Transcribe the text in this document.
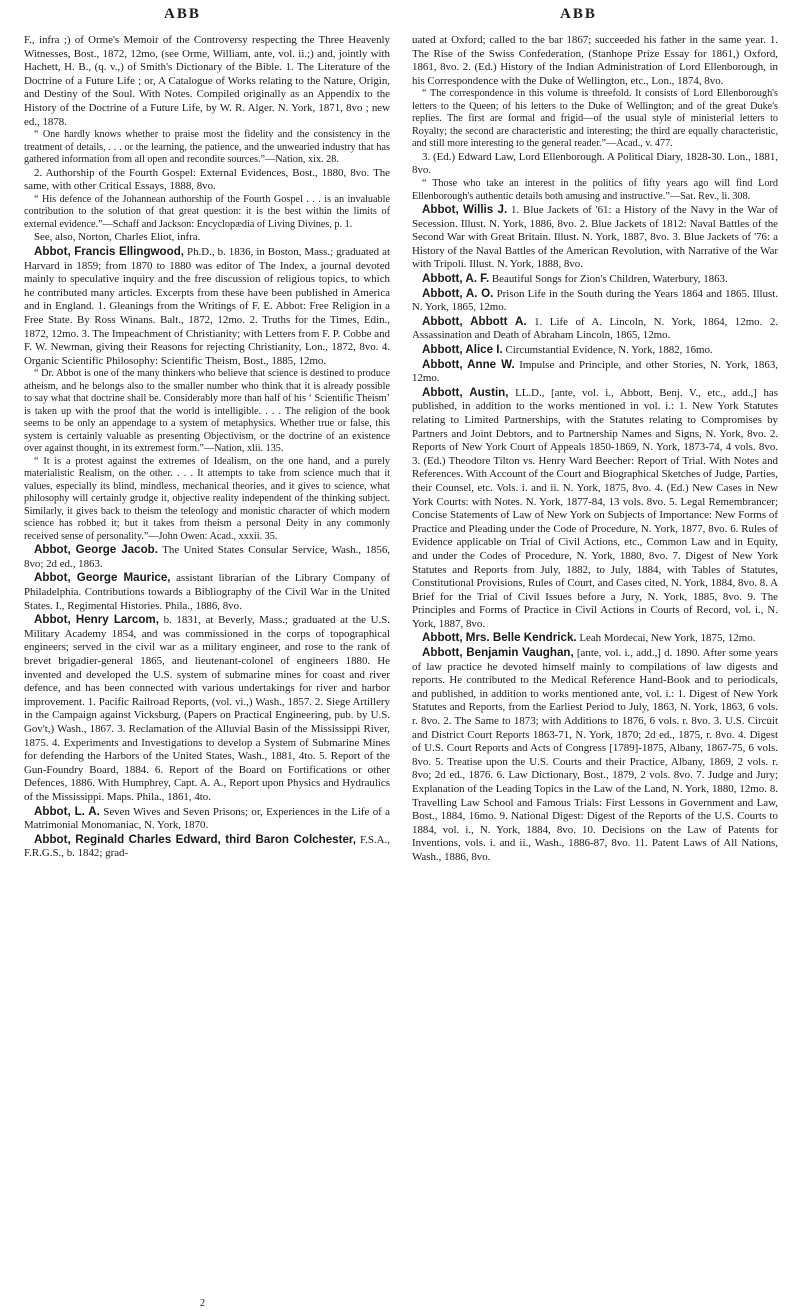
ABB	ABB

F., infra ;) of Orme's Memoir of the Controversy respecting the Three Heavenly Witnesses, Bost., 1872, 12mo, (see Orme, William, ante, vol. ii.;) and, jointly with Hachett, H. B., (q. v.,) of Smith's Dictionary of the Bible. 1. The Literature of the Doctrine of a Future Life ; or, A Catalogue of Works relating to the Nature, Origin, and Destiny of the Soul. With Notes. Compiled originally as an Appendix to the History of the Doctrine of a Future Life, by W. R. Alger. N. York, 1871, 8vo ; new ed., 1878.

“ One hardly knows whether to praise most the fidelity and the consistency in the treatment of details, . . . or the learning, the patience, and the unwearied industry that has gathered information from all open and recondite sources.”—Nation, xix. 28.

2. Authorship of the Fourth Gospel: External Evidences, Bost., 1880, 8vo. The same, with other Critical Essays, 1888, 8vo.

“ His defence of the Johannean authorship of the Fourth Gospel . . . is an invaluable contribution to the solution of that great question: it is the best within the limits of external evidence.”—Schaff and Jackson: Encyclopædia of Living Divines, p. 1.

See, also, Norton, Charles Eliot, infra.

Abbot, Francis Ellingwood, Ph.D., b. 1836, in Boston, Mass.; graduated at Harvard in 1859; from 1870 to 1880 was editor of The Index, a journal devoted mainly to speculative inquiry and the free discussion of religious topics, to which he contributed many articles. Excerpts from these have been published in America and in England. 1. Gleanings from the Writings of F. E. Abbot: Free Religion in a Free State. By Ross Winans. Balt., 1872, 12mo. 2. Truths for the Times, Edin., 1872, 12mo. 3. The Impeachment of Christianity; with Letters from F. P. Cobbe and F. W. Newman, giving their Reasons for rejecting Christianity, Lon., 1872, 8vo. 4. Organic Scientific Philosophy: Scientific Theism, Bost., 1885, 12mo.

“ Dr. Abbot is one of the many thinkers who believe that science is destined to produce atheism, and he belongs also to the smaller number who think that it is already possible to say what that doctrine shall be. Considerably more than half of his ‘ Scientific Theism’ is taken up with the proof that the world is intelligible. . . . The religion of the book seems to be only an appendage to a system of metaphysics. Whether true or false, this system is certainly valuable as presenting Objectivism, or the doctrine of an existence over against thought, in its extremest form.”—Nation, xlii. 135.

“ It is a protest against the extremes of Idealism, on the one hand, and a purely materialistic Realism, on the other. . . . It attempts to take from science much that it values, especially its blind, mindless, mechanical theories, and it gives to science, what philosophy will certainly grudge it, objective reality independent of the thinking subject. Similarly, it gives back to theism the teleology and monistic character of which modern science has robbed it; but it takes from theism a personal Deity in any commonly received sense of personality.”—John Owen: Acad., xxxii. 35.

Abbot, George Jacob. The United States Consular Service, Wash., 1856, 8vo; 2d ed., 1863.

Abbot, George Maurice, assistant librarian of the Library Company of Philadelphia. Contributions towards a Bibliography of the Civil War in the United States. I., Regimental Histories. Phila., 1886, 8vo.

Abbot, Henry Larcom, b. 1831, at Beverly, Mass.; graduated at the U.S. Military Academy 1854, and was commissioned in the corps of topographical engineers; served in the civil war as a military engineer, and rose to the rank of brevet brigadier-general 1865, and lieutenant-colonel of engineers 1880. He invented and developed the U.S. system of submarine mines for coast and river defence, and has been connected with various undertakings for river and harbor improvement. 1. Pacific Railroad Reports, (vol. vi.,) Wash., 1857. 2. Siege Artillery in the Campaign against Vicksburg, (Papers on Practical Engineering, pub. by U.S. Gov't,) Wash., 1867. 3. Reclamation of the Alluvial Basin of the Mississippi River, 1875. 4. Experiments and Investigations to develop a System of Submarine Mines for defending the Harbors of the United States, Wash., 1881, 4to. 5. Report of the Gun-Foundry Board, 1884. 6. Report of the Board on Fortifications or other Defences, 1886. With Humphrey, Capt. A. A., Report upon Physics and Hydraulics of the Mississippi. Maps. Phila., 1861, 4to.

Abbot, L. A. Seven Wives and Seven Prisons; or, Experiences in the Life of a Matrimonial Monomaniac, N. York, 1870.

Abbot, Reginald Charles Edward, third Baron Colchester, F.S.A., F.R.G.S., b. 1842; grad-

uated at Oxford; called to the bar 1867; succeeded his father in the same year. 1. The Rise of the Swiss Confederation, (Stanhope Prize Essay for 1861,) Oxford, 1861, 8vo. 2. (Ed.) History of the Indian Administration of Lord Ellenborough, in his Correspondence with the Duke of Wellington, etc., Lon., 1874, 8vo.

“ The correspondence in this volume is threefold. It consists of Lord Ellenborough's letters to the Queen; of his letters to the Duke of Wellington; and of the great Duke's replies. The first are formal and frigid—of the usual style of ministerial letters to Royalty; the second are characteristic and interesting; the third are equally characteristic, and still more interesting to the general reader.”—Acad., v. 477.

3. (Ed.) Edward Law, Lord Ellenborough. A Political Diary, 1828-30. Lon., 1881, 8vo.

“ Those who take an interest in the politics of fifty years ago will find Lord Ellenborough's authentic details both amusing and instructive.”—Sat. Rev., li. 308.

Abbot, Willis J. 1. Blue Jackets of '61: a History of the Navy in the War of Secession. Illust. N. York, 1886, 8vo. 2. Blue Jackets of 1812: Naval Battles of the Second War with Great Britain. Illust. N. York, 1887, 8vo. 3. Blue Jackets of '76: a History of the Naval Battles of the American Revolution, with Narrative of the War with Tripoli. Illust. N. York, 1888, 8vo.

Abbott, A. F. Beautiful Songs for Zion's Children, Waterbury, 1863.

Abbott, A. O. Prison Life in the South during the Years 1864 and 1865. Illust. N. York, 1865, 12mo.

Abbott, Abbott A. 1. Life of A. Lincoln, N. York, 1864, 12mo. 2. Assassination and Death of Abraham Lincoln, 1865, 12mo.

Abbott, Alice I. Circumstantial Evidence, N. York, 1882, 16mo.

Abbott, Anne W. Impulse and Principle, and other Stories, N. York, 1863, 12mo.

Abbott, Austin, LL.D., [ante, vol. i., Abbott, Benj. V., etc., add.,] has published, in addition to the works mentioned in vol. i.: 1. New York Statutes relating to Limited Partnerships, with the Statutes relating to Compromises by Partners and Joint Debtors, and to Partnership Names and Signs, N. York, 8vo. 2. Reports of New York Court of Appeals 1850-1869, N. York, 1873-74, 4 vols. 8vo. 3. (Ed.) Theodore Tilton vs. Henry Ward Beecher: Report of Trial. With Notes and References. With Account of the Court and Biographical Sketches of Judge, Parties, their Counsel, etc. Vols. i. and ii. N. York, 1875, 8vo. 4. (Ed.) New Cases in New York Courts: with Notes. N. York, 1877-84, 13 vols. 8vo. 5. Legal Remembrancer; Concise Statements of Law of New York on Subjects of Importance: New Forms of Practice and Pleading under the Code of Procedure, N. York, 1877, 8vo. 6. Rules of Evidence applicable on Trial of Civil Actions, etc., Common Law and in Equity, and under the Codes of Procedure, N. York, 1880, 8vo. 7. Digest of New York Statutes and Reports from July, 1882, to July, 1884, with Tables of Statutes, Constitutional Provisions, Rules of Court, and Cases cited, N. York, 1884, 8vo. 8. A Brief for the Trial of Civil Issues before a Jury, N. York, 1885, 8vo. 9. The Principles and Forms of Practice in Civil Actions in Courts of Record, vol. i., N. York, 1887, 8vo.

Abbott, Mrs. Belle Kendrick. Leah Mordecai, New York, 1875, 12mo.

Abbott, Benjamin Vaughan, [ante, vol. i., add.,] d. 1890. After some years of law practice he devoted himself mainly to compilations of law digests and reports. He contributed to the Medical Reference Hand-Book and to periodicals, and published, in addition to works mentioned ante, vol. i.: 1. Digest of New York Statutes and Reports, from the Earliest Period to July, 1863, N. York, 1863, 6 vols. r. 8vo. 2. The Same to 1873; with Additions to 1876, 6 vols. r. 8vo. 3. U.S. Circuit and District Court Reports 1863-71, N. York, 1870; 2d ed., 1875, r. 8vo. 4. Digest of U.S. Court Reports and Acts of Congress [1789]-1875, Albany, 1867-75, 6 vols. 8vo. 5. Treatise upon the U.S. Courts and their Practice, Albany, 1869, 2 vols. r. 8vo; 2d ed., 1876. 6. Law Dictionary, Bost., 1879, 2 vols. 8vo. 7. Judge and Jury; Explanation of the Leading Topics in the Law of the Land, N. York, 1880, 12mo. 8. Travelling Law School and Famous Trials: First Lessons in Government and Law, Bost., 1884, 16mo. 9. National Digest: Digest of the Reports of the U.S. Courts to 1884, vol. i., N. York, 1884, 8vo. 10. Decisions on the Law of Patents for Inventions, vols. i. and ii., Wash., 1886-87, 8vo. 11. Patent Laws of All Nations, Wash., 1886, 8vo.

2
